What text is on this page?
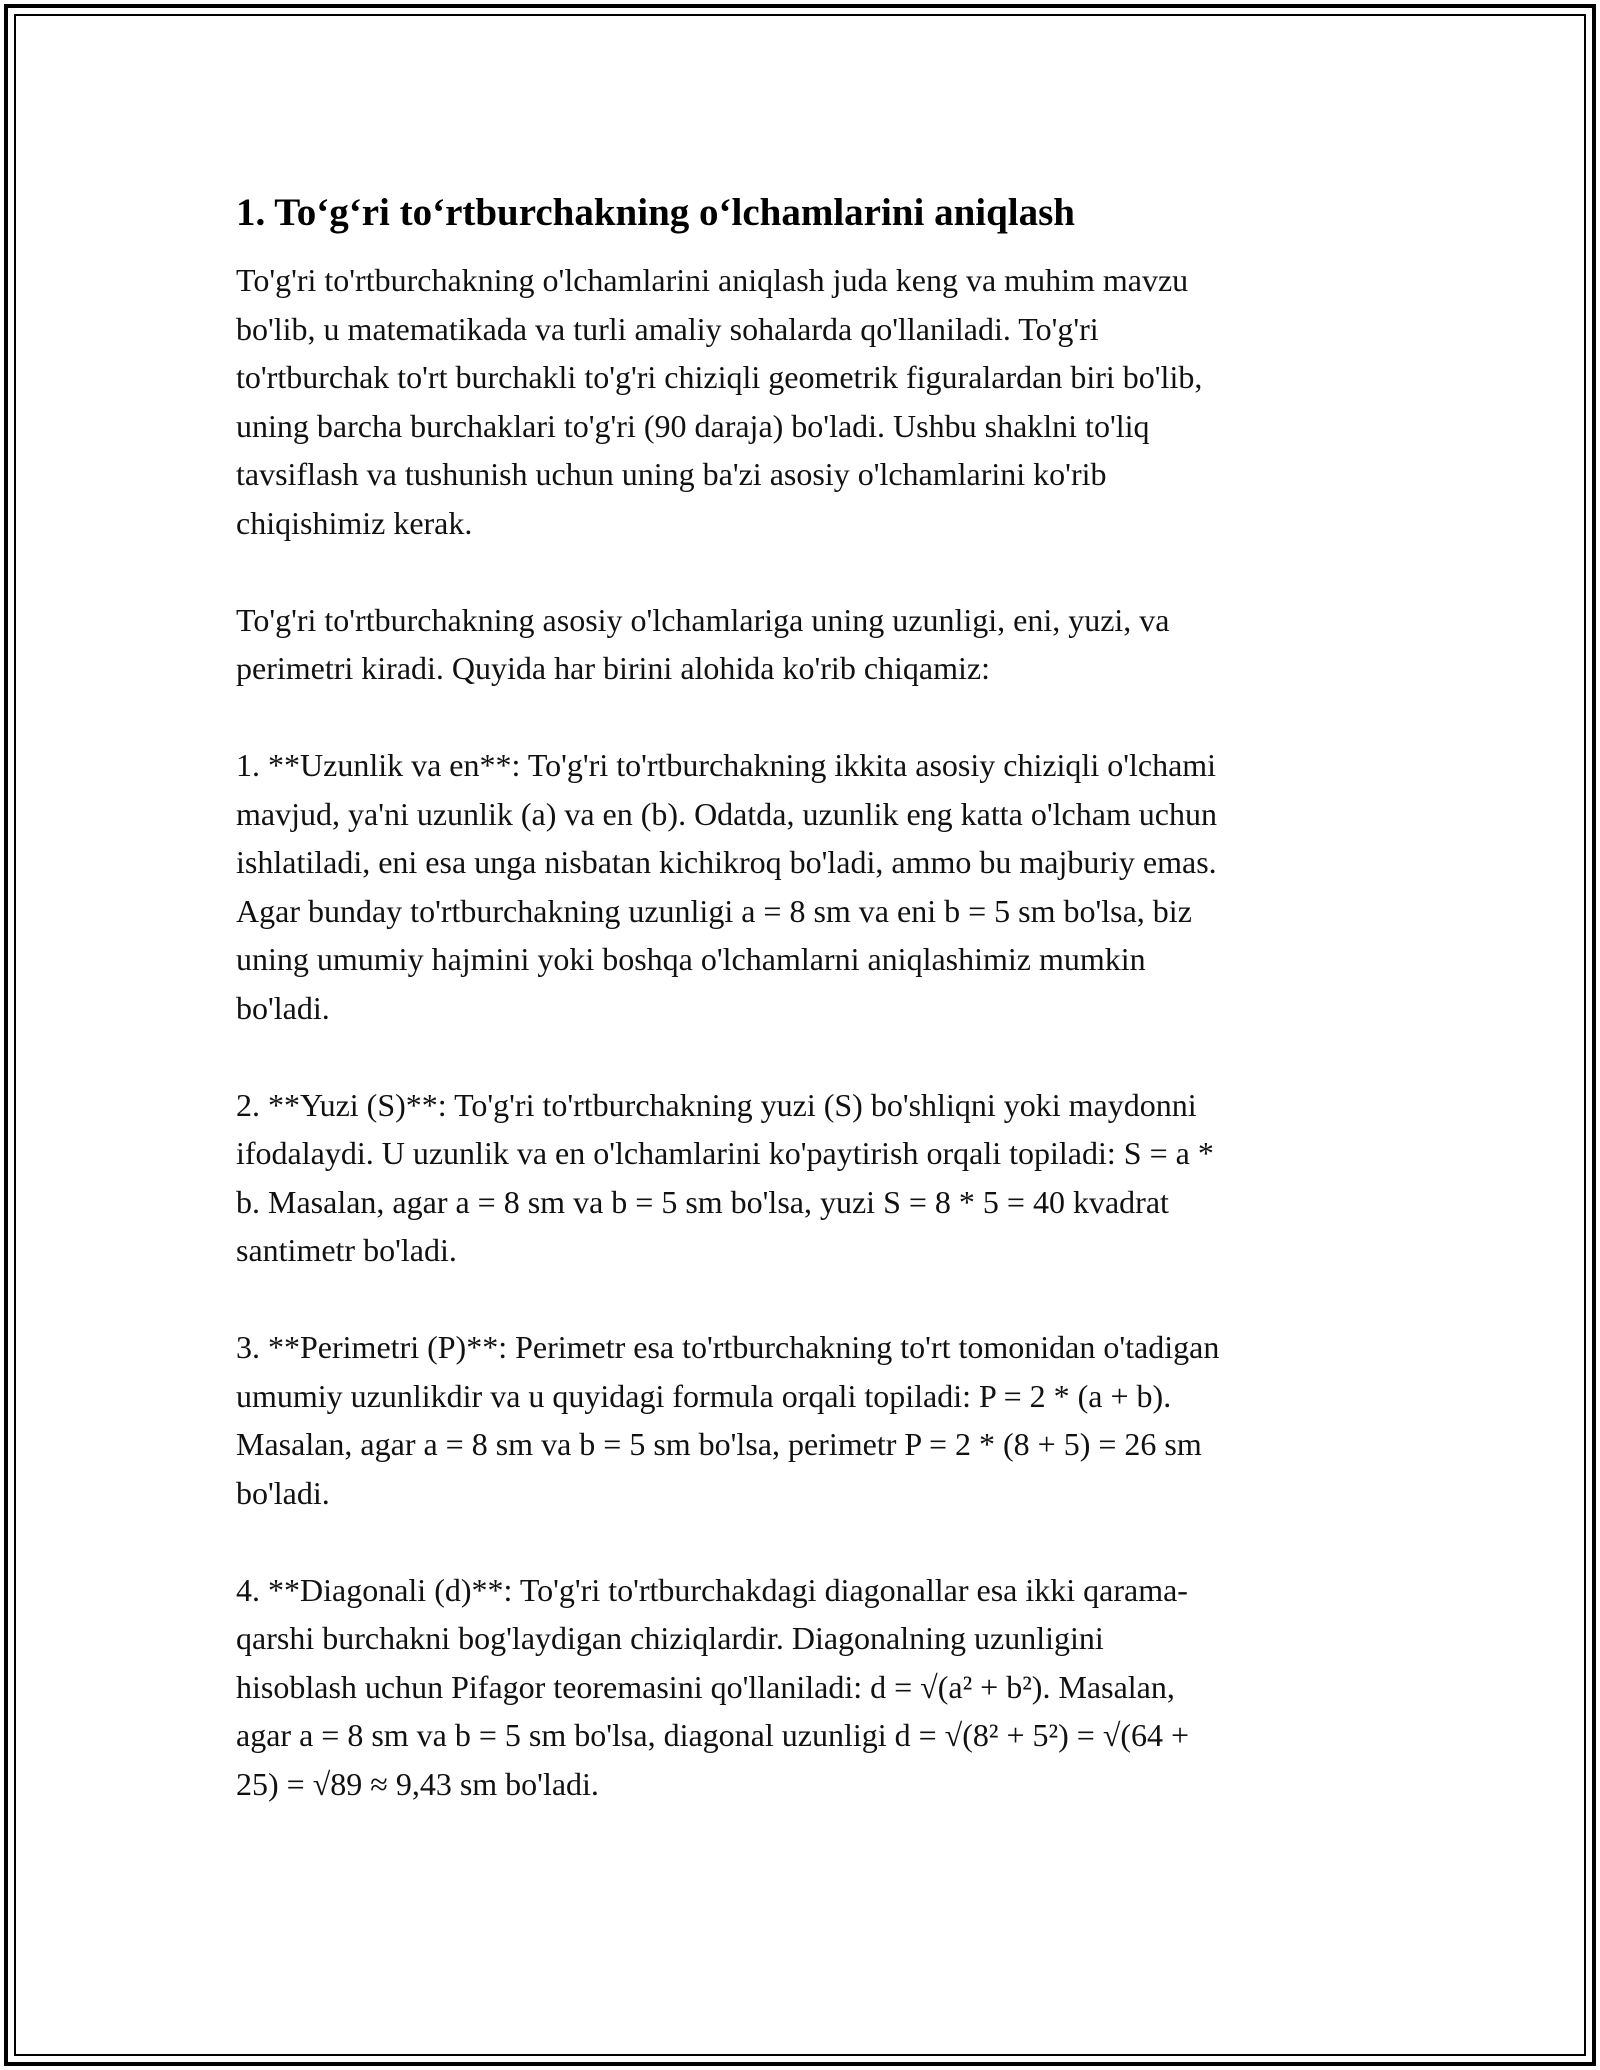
1. To‘g‘ri to‘rtburchakning o‘lchamlarini aniqlash

To'g'ri to'rtburchakning o'lchamlarini aniqlash juda keng va muhim mavzu
bo'lib, u matematikada va turli amaliy sohalarda qo'llaniladi. To'g'ri
to'rtburchak to'rt burchakli to'g'ri chiziqli geometrik figuralardan biri bo'lib,
uning barcha burchaklari to'g'ri (90 daraja) bo'ladi. Ushbu shaklni to'liq
tavsiflash va tushunish uchun uning ba'zi asosiy o'lchamlarini ko'rib
chiqishimiz kerak.

To'g'ri to'rtburchakning asosiy o'lchamlariga uning uzunligi, eni, yuzi, va
perimetri kiradi. Quyida har birini alohida ko'rib chiqamiz:

1. **Uzunlik va en**: To'g'ri to'rtburchakning ikkita asosiy chiziqli o'lchami
mavjud, ya'ni uzunlik (a) va en (b). Odatda, uzunlik eng katta o'lcham uchun
ishlatiladi, eni esa unga nisbatan kichikroq bo'ladi, ammo bu majburiy emas.
Agar bunday to'rtburchakning uzunligi a = 8 sm va eni b = 5 sm bo'lsa, biz
uning umumiy hajmini yoki boshqa o'lchamlarni aniqlashimiz mumkin
bo'ladi.

2. **Yuzi (S)**: To'g'ri to'rtburchakning yuzi (S) bo'shliqni yoki maydonni
ifodalaydi. U uzunlik va en o'lchamlarini ko'paytirish orqali topiladi: S = a *
b. Masalan, agar a = 8 sm va b = 5 sm bo'lsa, yuzi S = 8 * 5 = 40 kvadrat
santimetr bo'ladi.

3. **Perimetri (P)**: Perimetr esa to'rtburchakning to'rt tomonidan o'tadigan
umumiy uzunlikdir va u quyidagi formula orqali topiladi: P = 2 * (a + b).
Masalan, agar a = 8 sm va b = 5 sm bo'lsa, perimetr P = 2 * (8 + 5) = 26 sm
bo'ladi.

4. **Diagonali (d)**: To'g'ri to'rtburchakdagi diagonallar esa ikki qarama-
qarshi burchakni bog'laydigan chiziqlardir. Diagonalning uzunligini
hisoblash uchun Pifagor teoremasini qo'llaniladi: d = √(a² + b²). Masalan,
agar a = 8 sm va b = 5 sm bo'lsa, diagonal uzunligi d = √(8² + 5²) = √(64 +
25) = √89 ≈ 9,43 sm bo'ladi.
